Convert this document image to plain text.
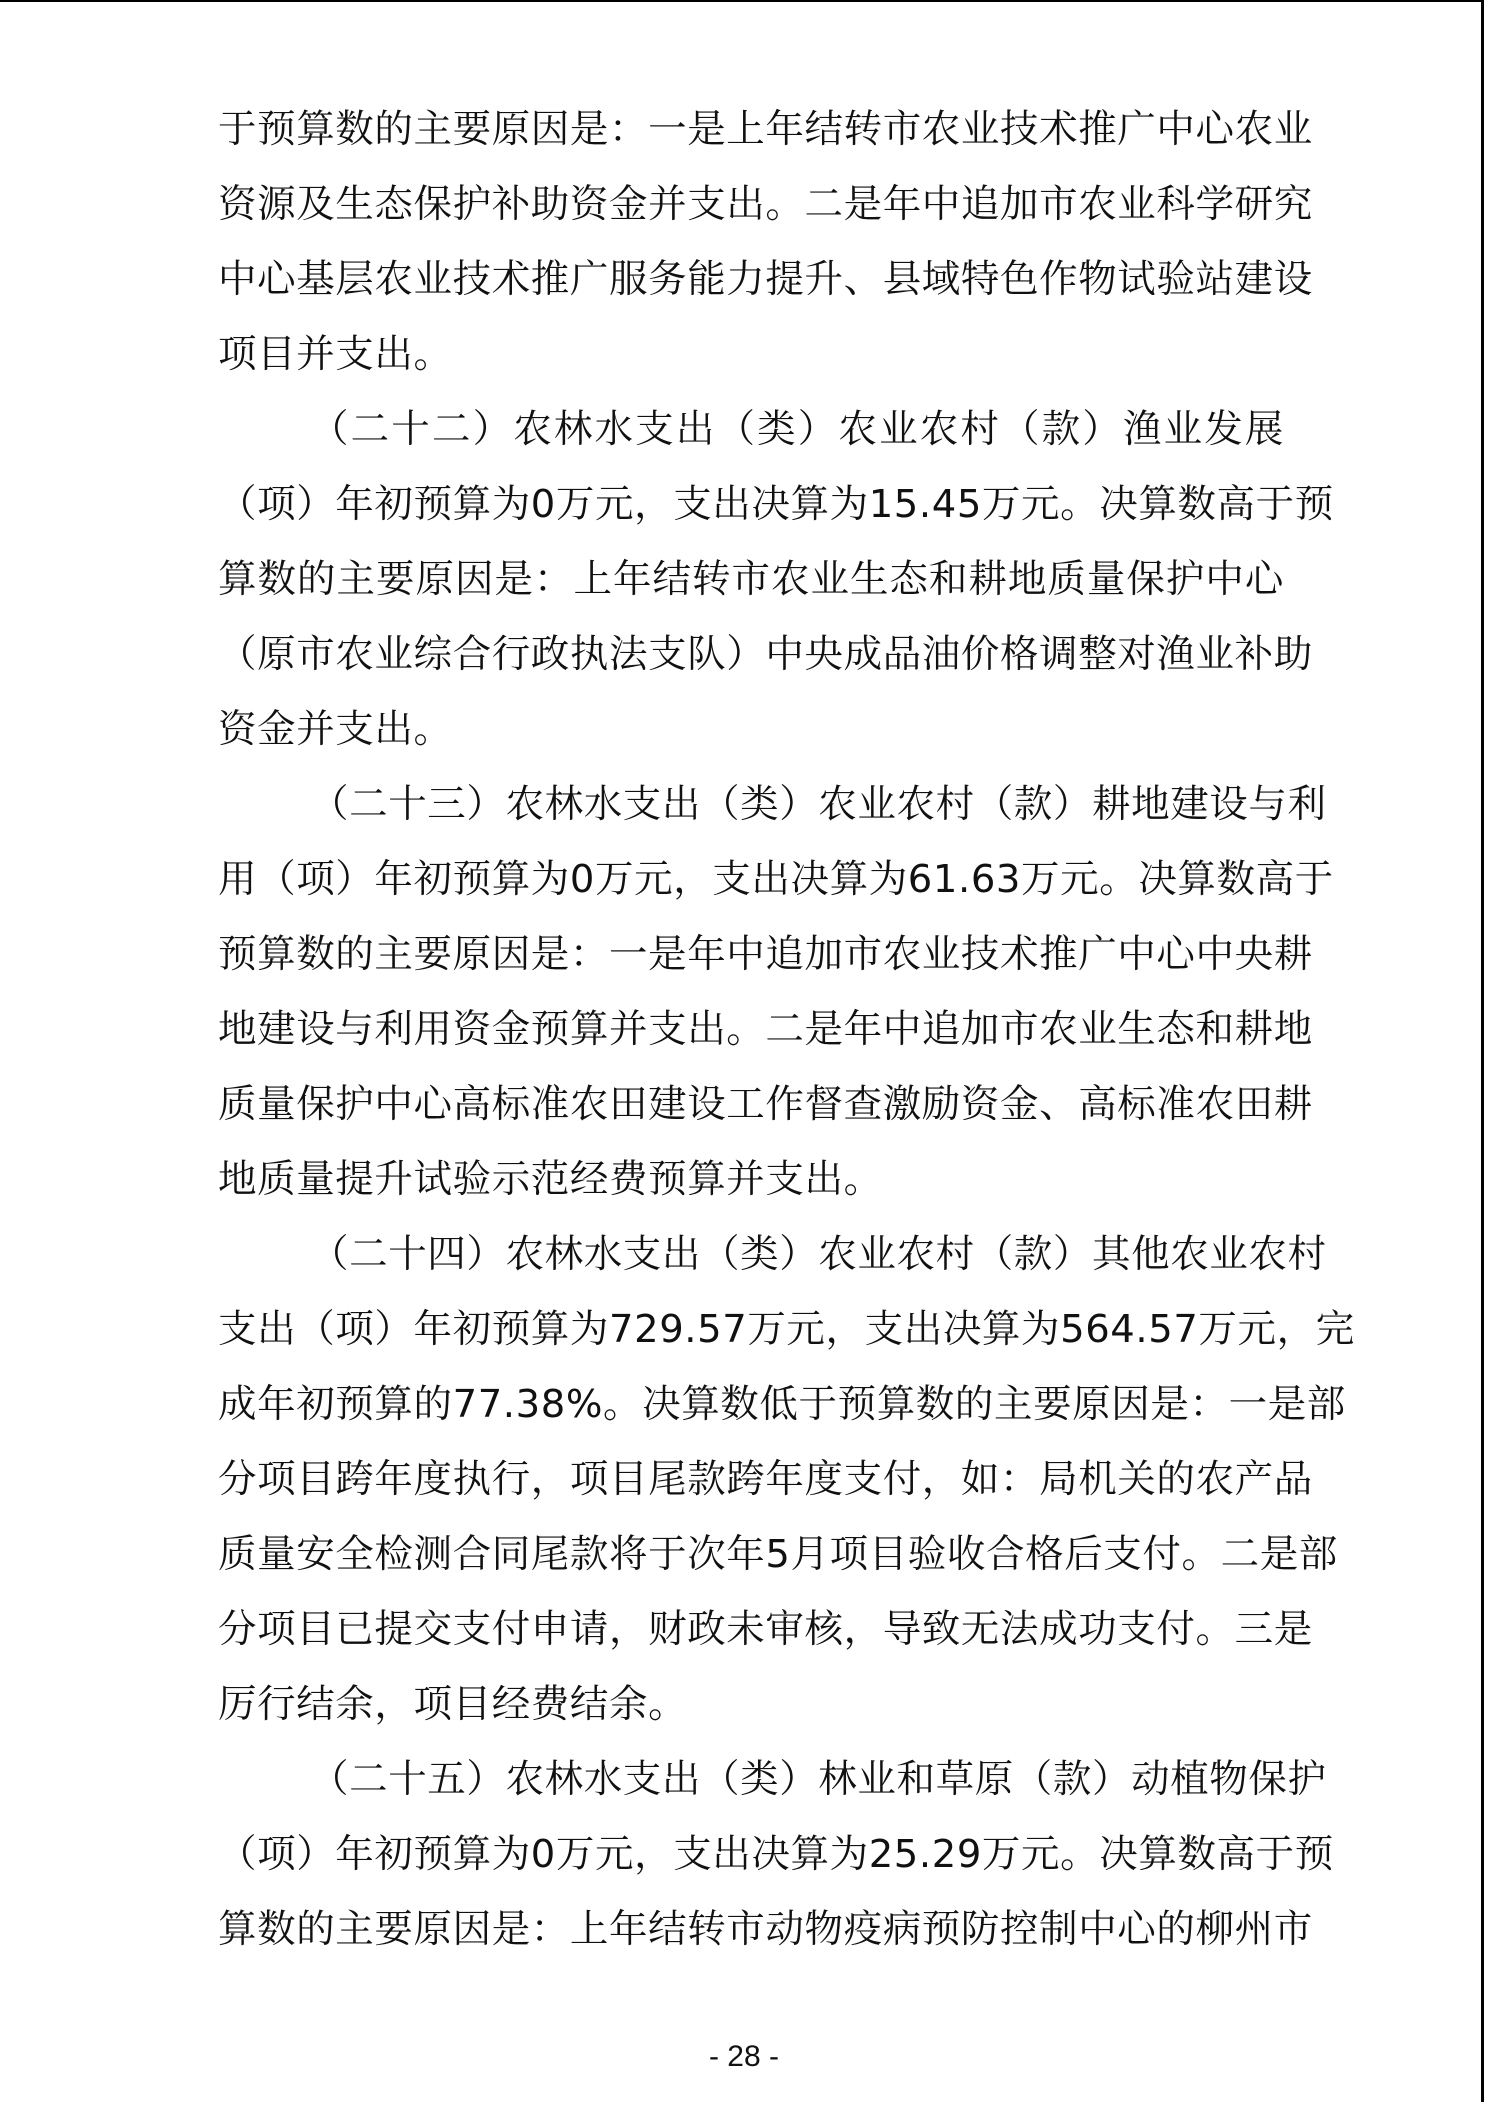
于预算数的主要原因是：一是上年结转市农业技术推广中心农业
资源及生态保护补助资金并支出。二是年中追加市农业科学研究
中心基层农业技术推广服务能力提升、县域特色作物试验站建设
项目并支出。
（二十二）农林水支出（类）农业农村（款）渔业发展
（项）年初预算为0万元，支出决算为15.45万元。决算数高于预
算数的主要原因是：上年结转市农业生态和耕地质量保护中心
（原市农业综合行政执法支队）中央成品油价格调整对渔业补助
资金并支出。
（二十三）农林水支出（类）农业农村（款）耕地建设与利
用（项）年初预算为0万元，支出决算为61.63万元。决算数高于
预算数的主要原因是：一是年中追加市农业技术推广中心中央耕
地建设与利用资金预算并支出。二是年中追加市农业生态和耕地
质量保护中心高标准农田建设工作督查激励资金、高标准农田耕
地质量提升试验示范经费预算并支出。
（二十四）农林水支出（类）农业农村（款）其他农业农村
支出（项）年初预算为729.57万元，支出决算为564.57万元，完
成年初预算的77.38%。决算数低于预算数的主要原因是：一是部
分项目跨年度执行，项目尾款跨年度支付，如：局机关的农产品
质量安全检测合同尾款将于次年5月项目验收合格后支付。二是部
分项目已提交支付申请，财政未审核，导致无法成功支付。三是
厉行结余，项目经费结余。
（二十五）农林水支出（类）林业和草原（款）动植物保护
（项）年初预算为0万元，支出决算为25.29万元。决算数高于预
算数的主要原因是：上年结转市动物疫病预防控制中心的柳州市
- 28 -
